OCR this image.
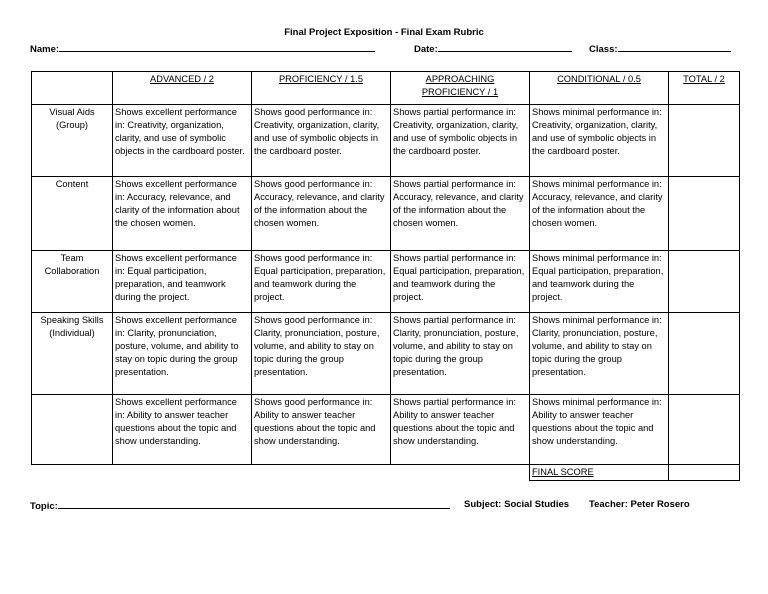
Final Project Exposition - Final Exam Rubric
Name:	Date:	Class:
	ADVANCED / 2	PROFICIENCY / 1.5	APPROACHING PROFICIENCY / 1	CONDITIONAL / 0.5	TOTAL / 2
Visual Aids (Group)	Shows excellent performance in: Creativity, organization, clarity, and use of symbolic objects in the cardboard poster.	Shows good performance in: Creativity, organization, clarity, and use of symbolic objects in the cardboard poster.	Shows partial performance in: Creativity, organization, clarity, and use of symbolic objects in the cardboard poster.	Shows minimal performance in: Creativity, organization, clarity, and use of symbolic objects in the cardboard poster.	
Content	Shows excellent performance in: Accuracy, relevance, and clarity of the information about the chosen women.	Shows good performance in: Accuracy, relevance, and clarity of the information about the chosen women.	Shows partial performance in: Accuracy, relevance, and clarity of the information about the chosen women.	Shows minimal performance in: Accuracy, relevance, and clarity of the information about the chosen women.	
Team Collaboration	Shows excellent performance in: Equal participation, preparation, and teamwork during the project.	Shows good performance in: Equal participation, preparation, and teamwork during the project.	Shows partial performance in: Equal participation, preparation, and teamwork during the project.	Shows minimal performance in: Equal participation, preparation, and teamwork during the project.	
Speaking Skills (Individual)	Shows excellent performance in: Clarity, pronunciation, posture, volume, and ability to stay on topic during the group presentation.	Shows good performance in: Clarity, pronunciation, posture, volume, and ability to stay on topic during the group presentation.	Shows partial performance in: Clarity, pronunciation, posture, volume, and ability to stay on topic during the group presentation.	Shows minimal performance in: Clarity, pronunciation, posture, volume, and ability to stay on topic during the group presentation.	
	Shows excellent performance in: Ability to answer teacher questions about the topic and show understanding.	Shows good performance in: Ability to answer teacher questions about the topic and show understanding.	Shows partial performance in: Ability to answer teacher questions about the topic and show understanding.	Shows minimal performance in: Ability to answer teacher questions about the topic and show understanding.	
				FINAL SCORE	
Topic:	Subject: Social Studies Teacher: Peter Rosero
